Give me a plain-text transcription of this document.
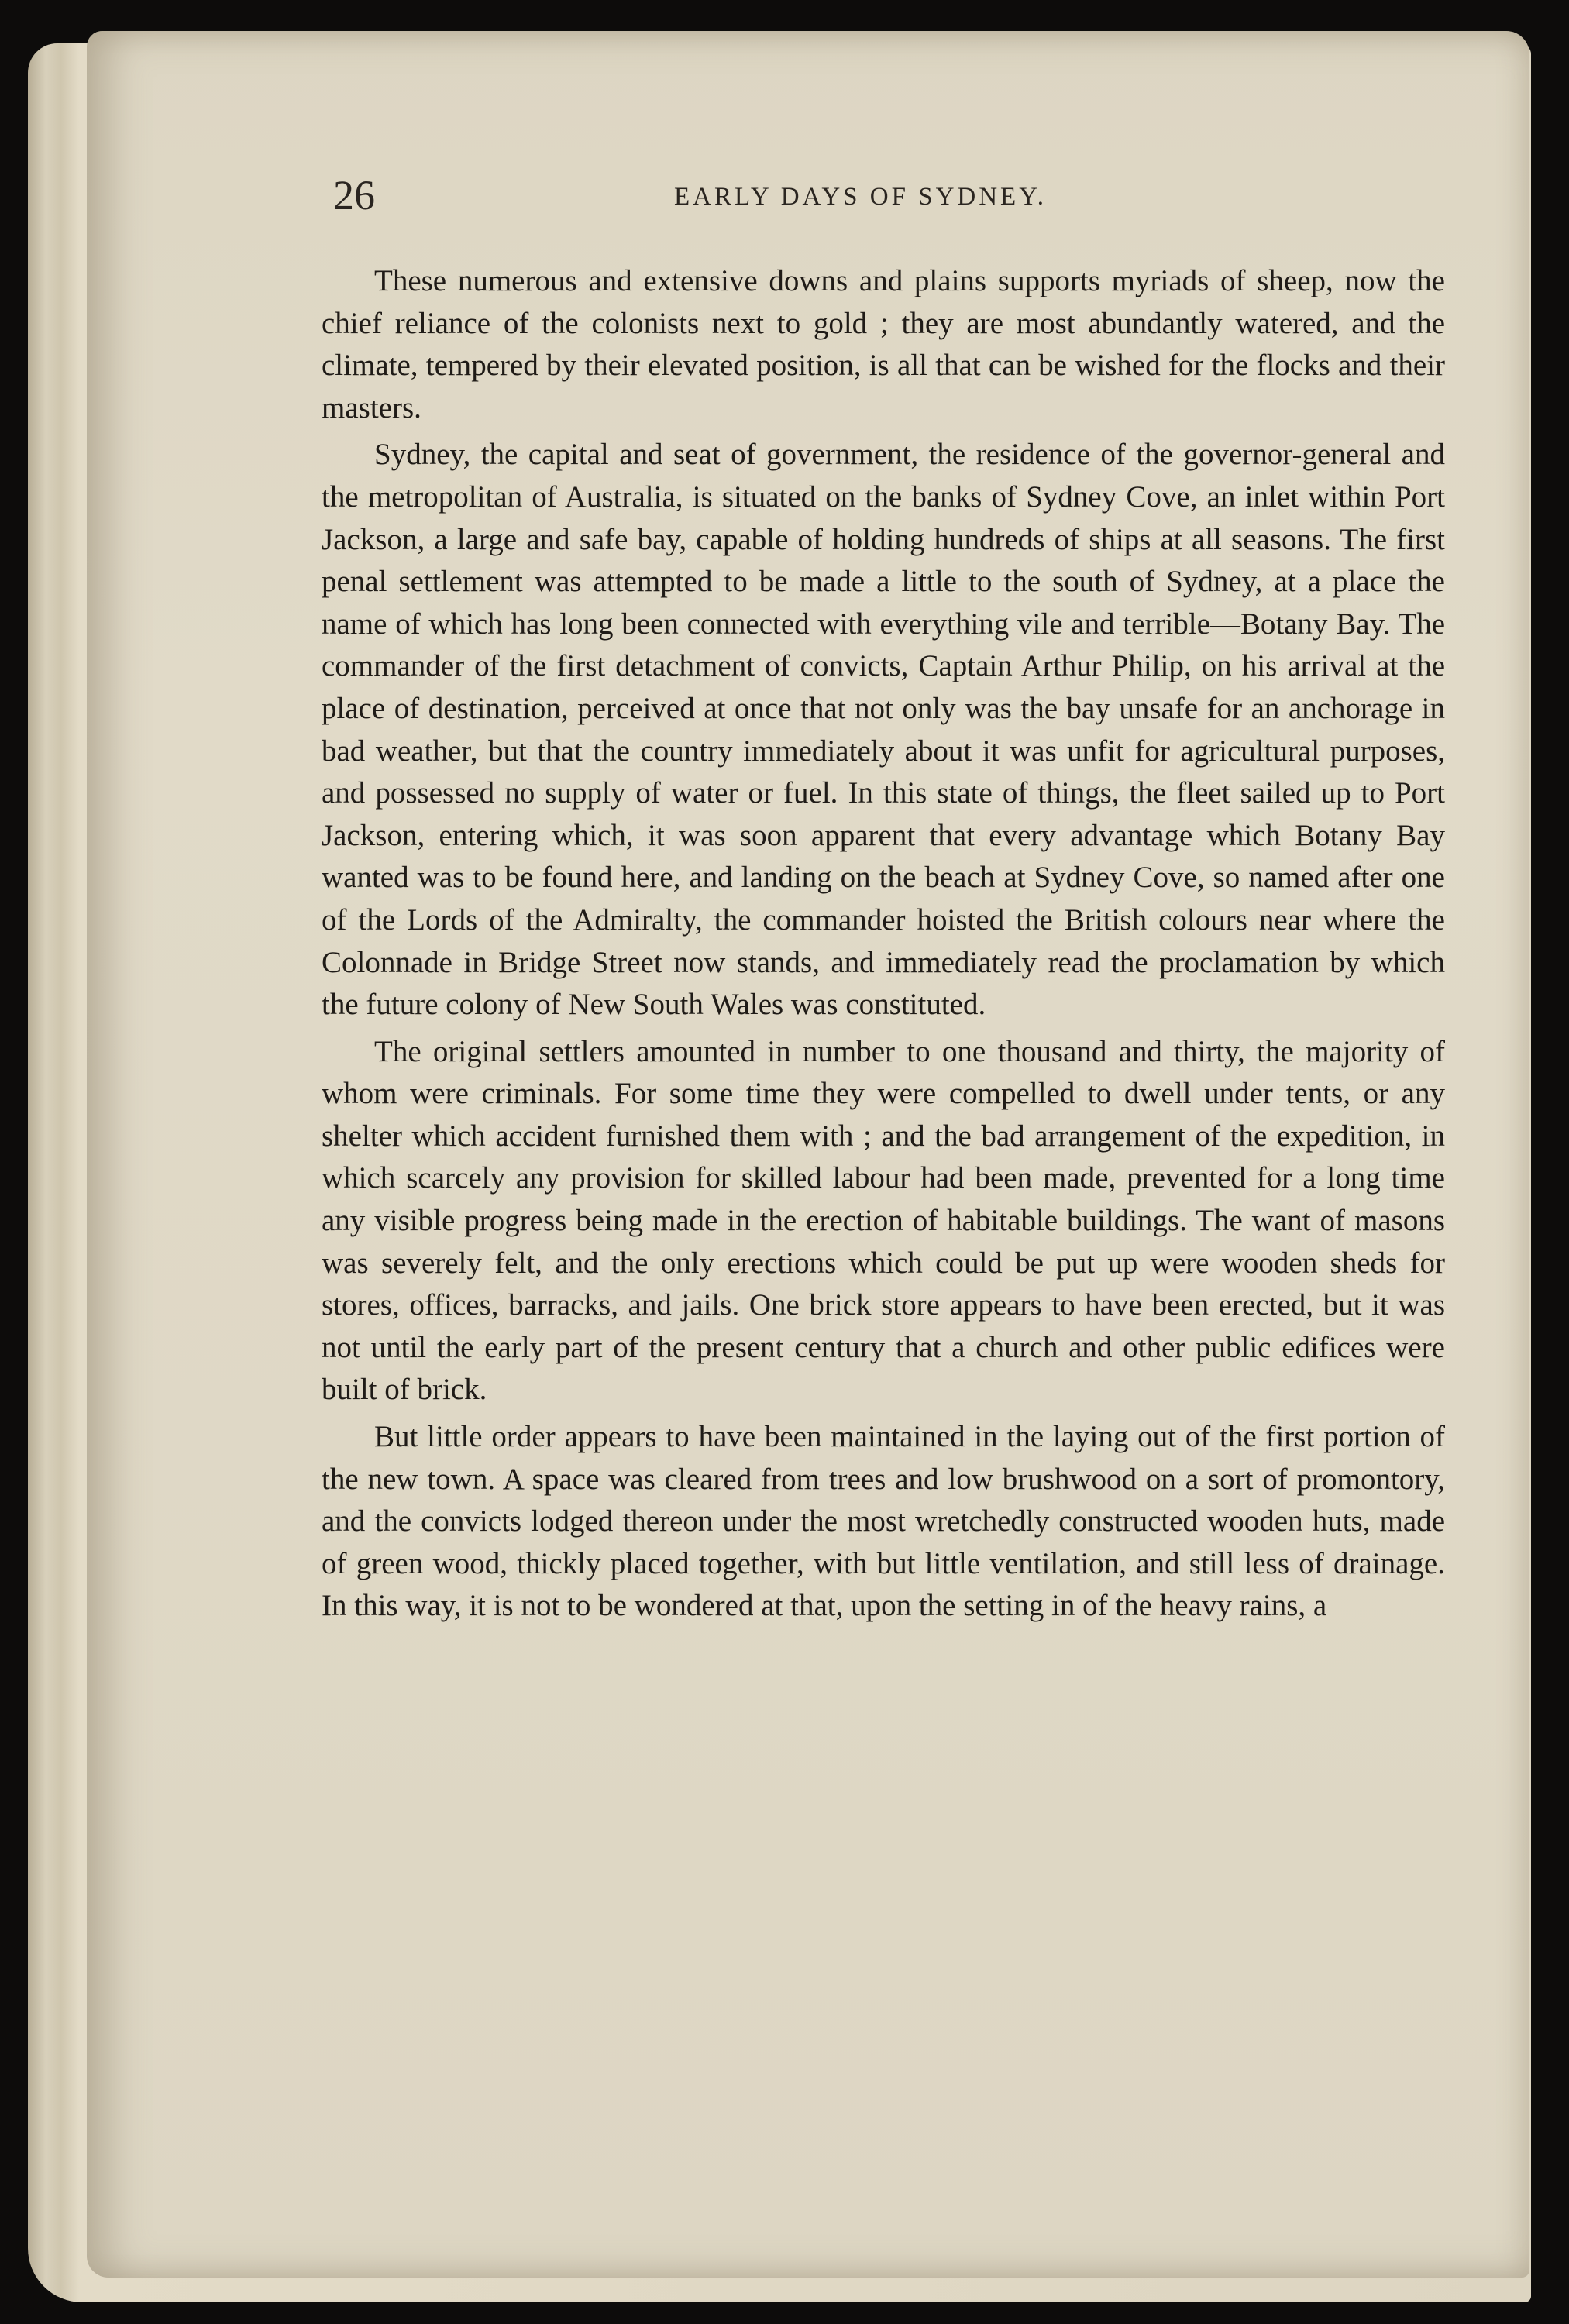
26	EARLY DAYS OF SYDNEY.

These numerous and extensive downs and plains supports myriads of sheep, now the chief reliance of the colonists next to gold ; they are most abundantly watered, and the climate, tempered by their elevated position, is all that can be wished for the flocks and their masters.

Sydney, the capital and seat of government, the residence of the governor-general and the metropolitan of Australia, is situated on the banks of Sydney Cove, an inlet within Port Jackson, a large and safe bay, capable of holding hundreds of ships at all seasons. The first penal settlement was attempted to be made a little to the south of Sydney, at a place the name of which has long been connected with everything vile and terrible—Botany Bay. The commander of the first detachment of convicts, Captain Arthur Philip, on his arrival at the place of destination, perceived at once that not only was the bay unsafe for an anchorage in bad weather, but that the country immediately about it was unfit for agricultural purposes, and possessed no supply of water or fuel. In this state of things, the fleet sailed up to Port Jackson, entering which, it was soon apparent that every advantage which Botany Bay wanted was to be found here, and landing on the beach at Sydney Cove, so named after one of the Lords of the Admiralty, the commander hoisted the British colours near where the Colonnade in Bridge Street now stands, and immediately read the proclamation by which the future colony of New South Wales was constituted.

The original settlers amounted in number to one thousand and thirty, the majority of whom were criminals. For some time they were compelled to dwell under tents, or any shelter which accident furnished them with ; and the bad arrangement of the expedition, in which scarcely any provision for skilled labour had been made, prevented for a long time any visible progress being made in the erection of habitable buildings. The want of masons was severely felt, and the only erections which could be put up were wooden sheds for stores, offices, barracks, and jails. One brick store appears to have been erected, but it was not until the early part of the present century that a church and other public edifices were built of brick.

But little order appears to have been maintained in the laying out of the first portion of the new town. A space was cleared from trees and low brushwood on a sort of promontory, and the convicts lodged thereon under the most wretchedly constructed wooden huts, made of green wood, thickly placed together, with but little ventilation, and still less of drainage. In this way, it is not to be wondered at that, upon the setting in of the heavy rains, a
